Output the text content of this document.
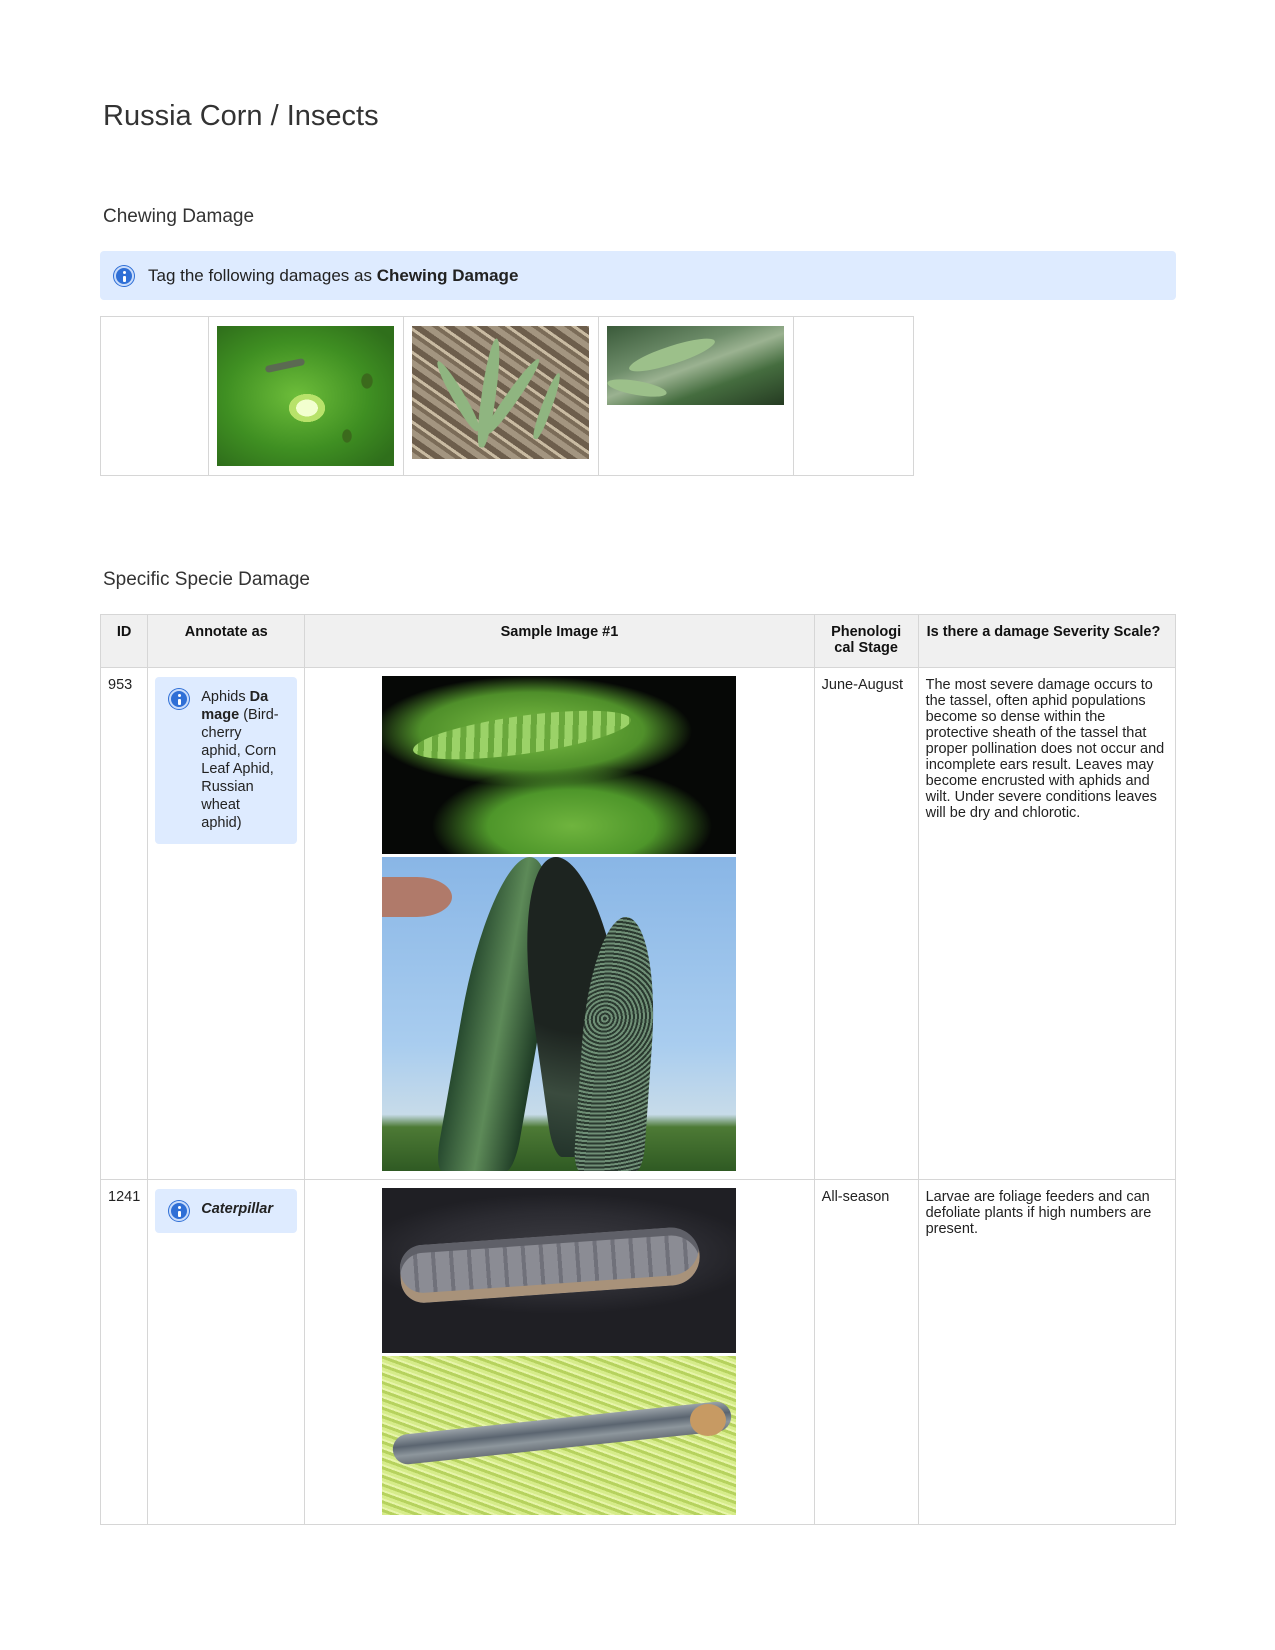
Russia Corn / Insects
Chewing Damage
Tag the following damages as Chewing Damage

Specific Specie Damage
ID	Annotate as	Sample Image #1	Phenologi cal Stage	Is there a damage Severity Scale?
953	Aphids Da mage (Bird-cherry aphid, Corn Leaf Aphid, Russian wheat aphid)		June-August	The most severe damage occurs to the tassel, often aphid populations become so dense within the protective sheath of the tassel that proper pollination does not occur and incomplete ears result. Leaves may become encrusted with aphids and wilt. Under severe conditions leaves will be dry and chlorotic.
1241	Caterpillar		All-season	Larvae are foliage feeders and can defoliate plants if high numbers are present.
